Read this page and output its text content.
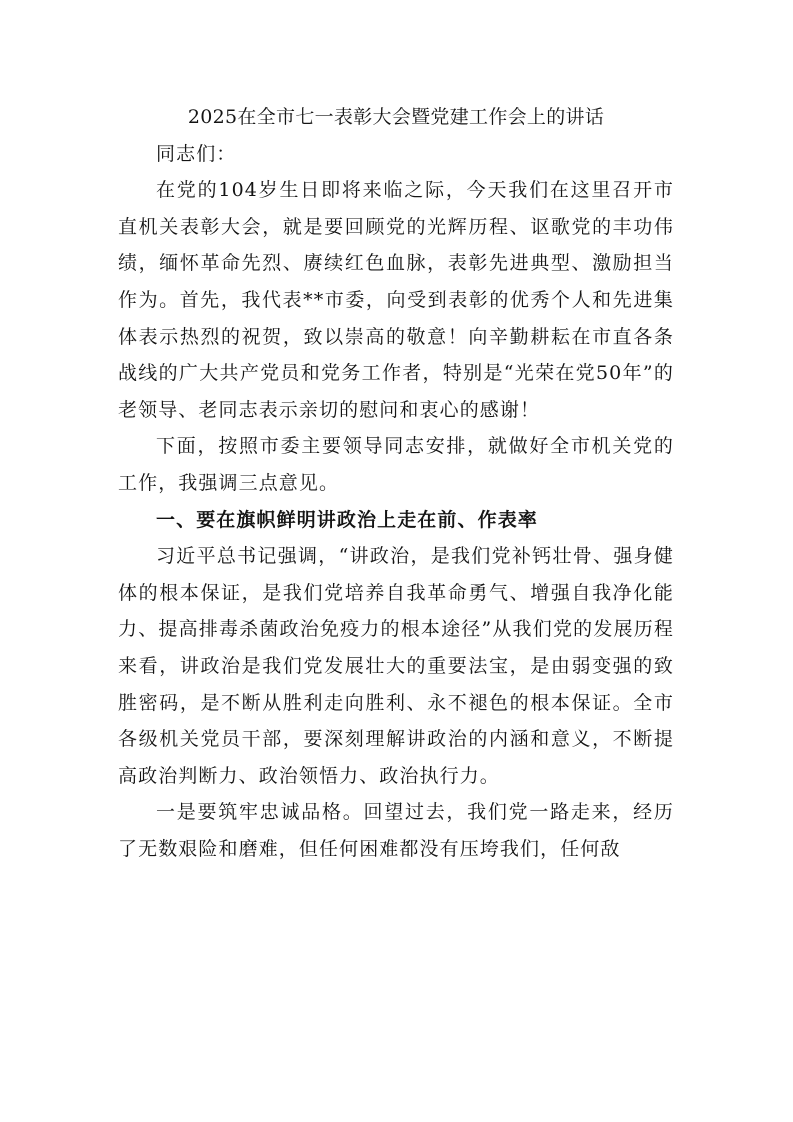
2025在全市七一表彰大会暨党建工作会上的讲话

同志们：

在党的104岁生日即将来临之际，今天我们在这里召开市直机关表彰大会，就是要回顾党的光辉历程、讴歌党的丰功伟绩，缅怀革命先烈、赓续红色血脉，表彰先进典型、激励担当作为。首先，我代表**市委，向受到表彰的优秀个人和先进集体表示热烈的祝贺，致以崇高的敬意！向辛勤耕耘在市直各条战线的广大共产党员和党务工作者，特别是“光荣在党50年”的老领导、老同志表示亲切的慰问和衷心的感谢！

下面，按照市委主要领导同志安排，就做好全市机关党的工作，我强调三点意见。

一、要在旗帜鲜明讲政治上走在前、作表率

习近平总书记强调，“讲政治，是我们党补钙壮骨、强身健体的根本保证，是我们党培养自我革命勇气、增强自我净化能力、提高排毒杀菌政治免疫力的根本途径”从我们党的发展历程来看，讲政治是我们党发展壮大的重要法宝，是由弱变强的致胜密码，是不断从胜利走向胜利、永不褪色的根本保证。全市各级机关党员干部，要深刻理解讲政治的内涵和意义，不断提高政治判断力、政治领悟力、政治执行力。

一是要筑牢忠诚品格。回望过去，我们党一路走来，经历了无数艰险和磨难，但任何困难都没有压垮我们，任何敌
